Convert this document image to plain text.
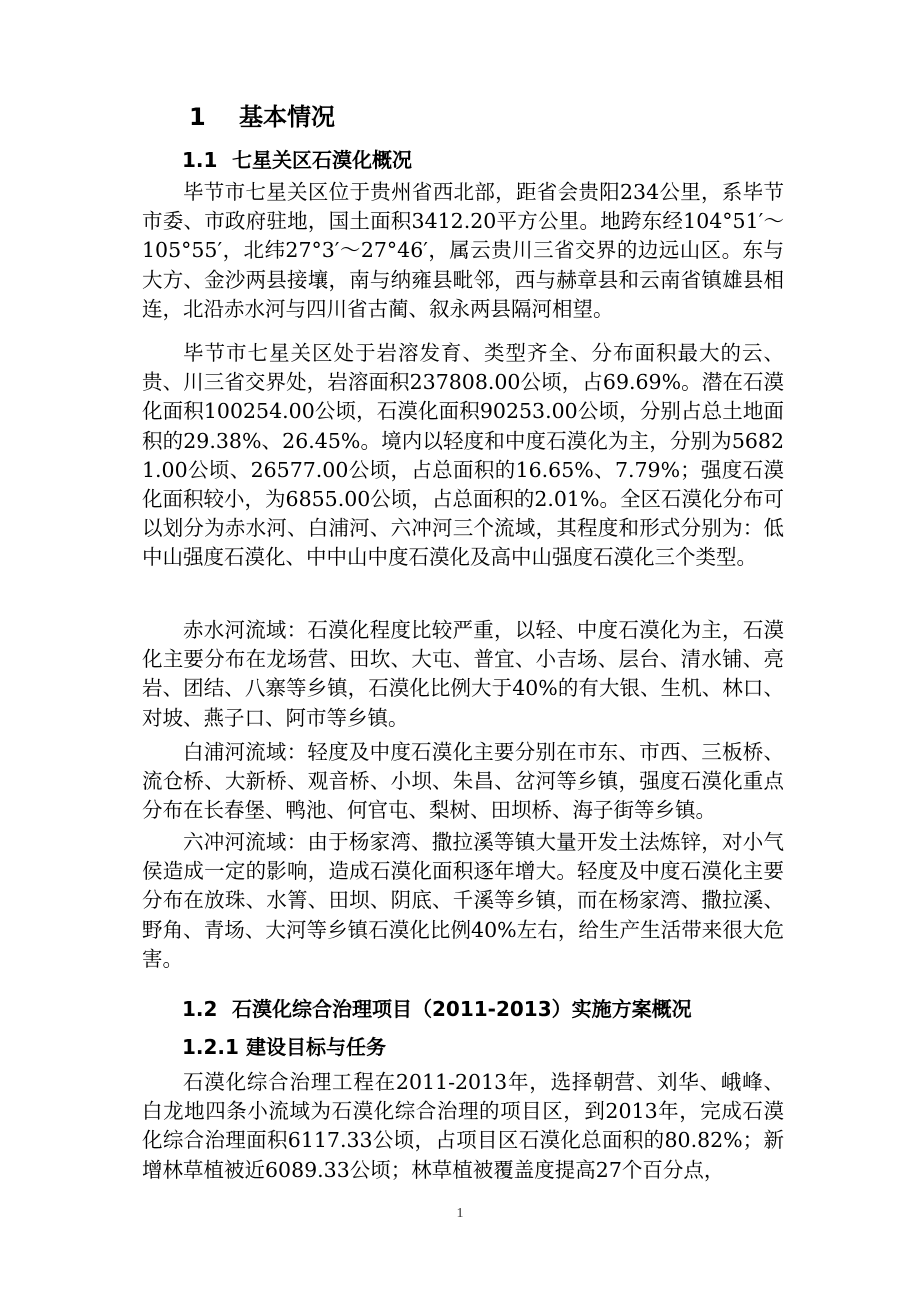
1 基本情况
1.1 七星关区石漠化概况

毕节市七星关区位于贵州省西北部，距省会贵阳234公里，系毕节市委、市政府驻地，国土面积3412.20平方公里。地跨东经104°51′～105°55′，北纬27°3′～27°46′，属云贵川三省交界的边远山区。东与大方、金沙两县接壤，南与纳雍县毗邻，西与赫章县和云南省镇雄县相连，北沿赤水河与四川省古蔺、叙永两县隔河相望。

毕节市七星关区处于岩溶发育、类型齐全、分布面积最大的云、贵、川三省交界处，岩溶面积237808.00公顷，占69.69%。潜在石漠化面积100254.00公顷，石漠化面积90253.00公顷，分别占总土地面积的29.38%、26.45%。境内以轻度和中度石漠化为主，分别为56821.00公顷、26577.00公顷，占总面积的16.65%、7.79%；强度石漠化面积较小，为6855.00公顷，占总面积的2.01%。全区石漠化分布可以划分为赤水河、白浦河、六冲河三个流域，其程度和形式分别为：低中山强度石漠化、中中山中度石漠化及高中山强度石漠化三个类型。

赤水河流域：石漠化程度比较严重，以轻、中度石漠化为主，石漠化主要分布在龙场营、田坎、大屯、普宜、小吉场、层台、清水铺、亮岩、团结、八寨等乡镇，石漠化比例大于40%的有大银、生机、林口、对坡、燕子口、阿市等乡镇。

白浦河流域：轻度及中度石漠化主要分别在市东、市西、三板桥、流仓桥、大新桥、观音桥、小坝、朱昌、岔河等乡镇，强度石漠化重点分布在长春堡、鸭池、何官屯、梨树、田坝桥、海子街等乡镇。

六冲河流域：由于杨家湾、撒拉溪等镇大量开发土法炼锌，对小气侯造成一定的影响，造成石漠化面积逐年增大。轻度及中度石漠化主要分布在放珠、水箐、田坝、阴底、千溪等乡镇，而在杨家湾、撒拉溪、野角、青场、大河等乡镇石漠化比例40%左右，给生产生活带来很大危害。

1.2 石漠化综合治理项目（2011-2013）实施方案概况
1.2.1 建设目标与任务

石漠化综合治理工程在2011-2013年，选择朝营、刘华、峨峰、白龙地四条小流域为石漠化综合治理的项目区，到2013年，完成石漠化综合治理面积6117.33公顷，占项目区石漠化总面积的80.82%；新增林草植被近6089.33公顷；林草植被覆盖度提高27个百分点，

1
